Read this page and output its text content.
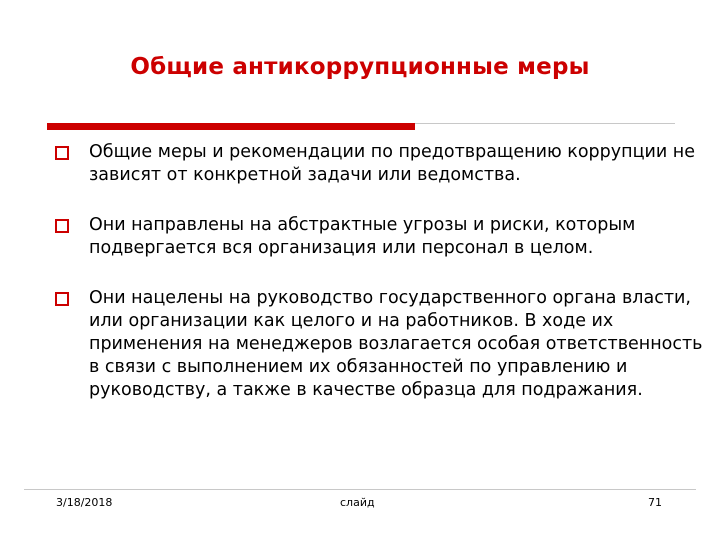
Общие антикоррупционные меры
Общие меры и рекомендации по предотвращению коррупции не зависят от конкретной задачи или ведомства.
Они направлены на абстрактные угрозы и риски, которым подвергается вся организация или персонал в целом.
Они нацелены на руководство государственного органа власти, или организации как целого и на работников. В ходе их применения на менеджеров возлагается особая ответственность в связи с выполнением их обязанностей по управлению и руководству, а также в качестве образца для подражания.
3/18/2018	слайд	71
